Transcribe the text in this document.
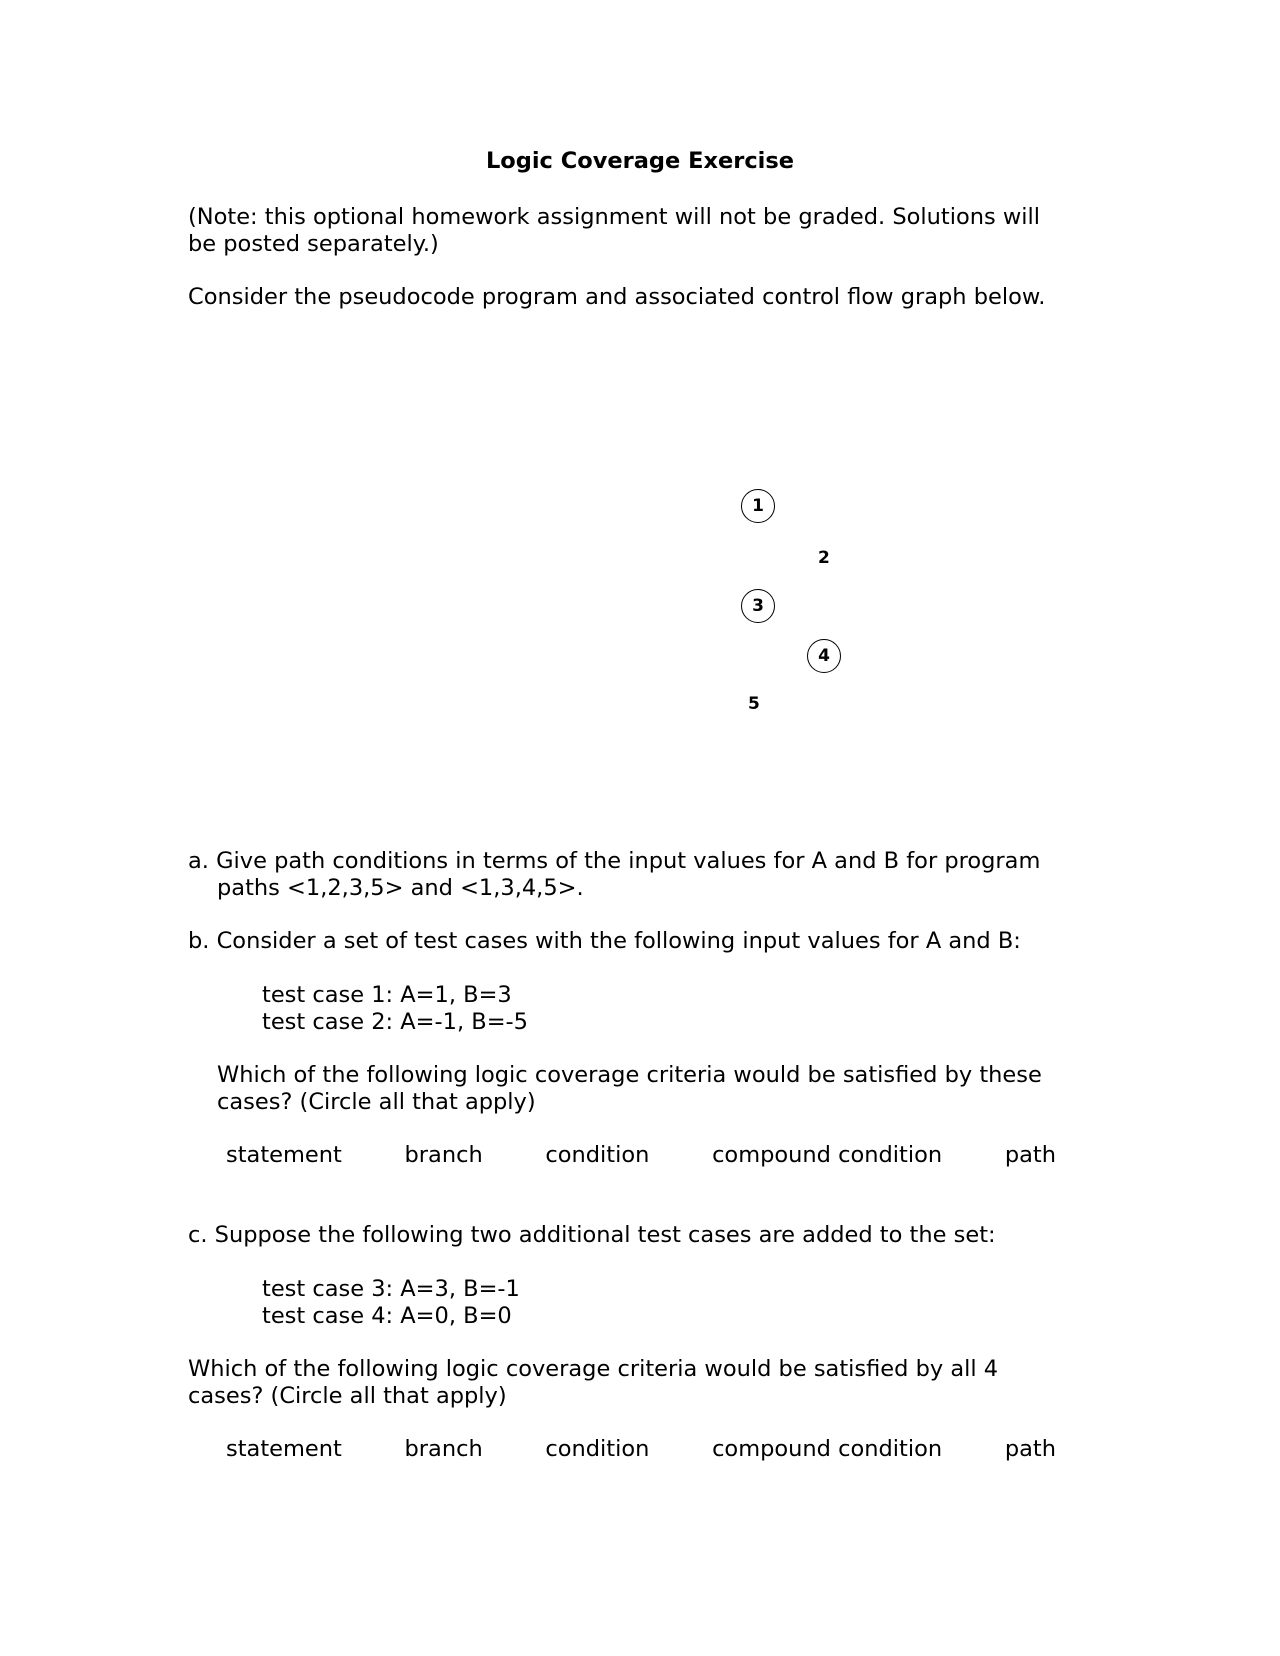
Logic Coverage Exercise
(Note: this optional homework assignment will not be graded. Solutions will
be posted separately.)
Consider the pseudocode program and associated control flow graph below.
1
2
3
4
5
a. Give path conditions in terms of the input values for A and B for program
paths <1,2,3,5> and <1,3,4,5>.
b. Consider a set of test cases with the following input values for A and B:
test case 1: A=1, B=3
test case 2: A=-1, B=-5
Which of the following logic coverage criteria would be satisfied by these
cases? (Circle all that apply)
statement	branch	condition	compound condition	path
c. Suppose the following two additional test cases are added to the set:
test case 3: A=3, B=-1
test case 4: A=0, B=0
Which of the following logic coverage criteria would be satisfied by all 4
cases? (Circle all that apply)
statement	branch	condition	compound condition	path
